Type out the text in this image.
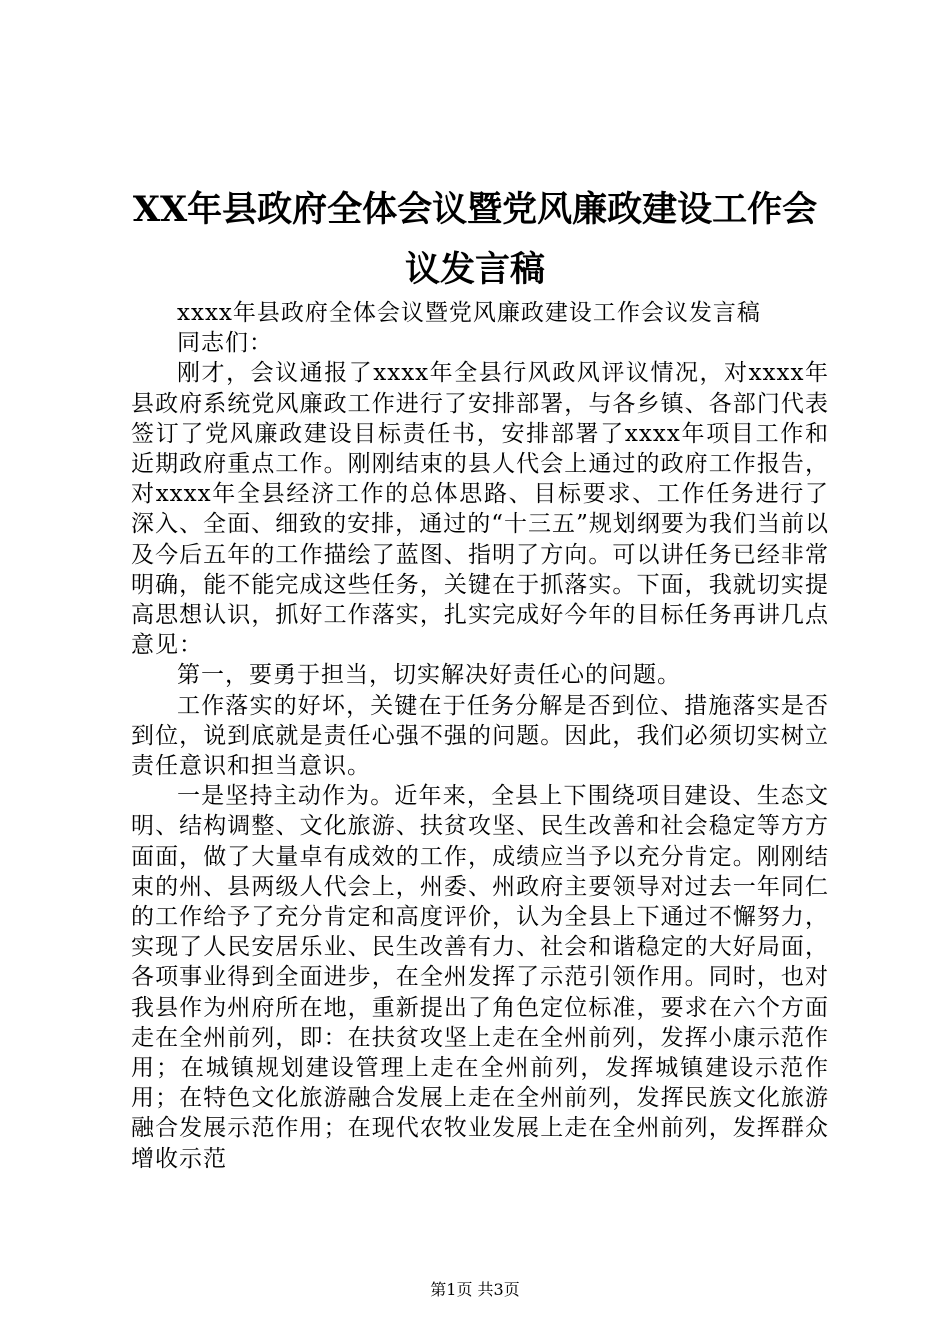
XX年县政府全体会议暨党风廉政建设工作会
议发言稿

xxxx年县政府全体会议暨党风廉政建设工作会议发言稿

同志们：

刚才，会议通报了xxxx年全县行风政风评议情况，对xxxx年县政府系统党风廉政工作进行了安排部署，与各乡镇、各部门代表签订了党风廉政建设目标责任书，安排部署了xxxx年项目工作和近期政府重点工作。刚刚结束的县人代会上通过的政府工作报告，对xxxx年全县经济工作的总体思路、目标要求、工作任务进行了深入、全面、细致的安排，通过的“十三五”规划纲要为我们当前以及今后五年的工作描绘了蓝图、指明了方向。可以讲任务已经非常明确，能不能完成这些任务，关键在于抓落实。下面，我就切实提高思想认识，抓好工作落实，扎实完成好今年的目标任务再讲几点意见：

第一，要勇于担当，切实解决好责任心的问题。

工作落实的好坏，关键在于任务分解是否到位、措施落实是否到位，说到底就是责任心强不强的问题。因此，我们必须切实树立责任意识和担当意识。

一是坚持主动作为。近年来，全县上下围绕项目建设、生态文明、结构调整、文化旅游、扶贫攻坚、民生改善和社会稳定等方方面面，做了大量卓有成效的工作，成绩应当予以充分肯定。刚刚结束的州、县两级人代会上，州委、州政府主要领导对过去一年同仁的工作给予了充分肯定和高度评价，认为全县上下通过不懈努力，实现了人民安居乐业、民生改善有力、社会和谐稳定的大好局面，各项事业得到全面进步，在全州发挥了示范引领作用。同时，也对我县作为州府所在地，重新提出了角色定位标准，要求在六个方面走在全州前列，即：在扶贫攻坚上走在全州前列，发挥小康示范作用；在城镇规划建设管理上走在全州前列，发挥城镇建设示范作用；在特色文化旅游融合发展上走在全州前列，发挥民族文化旅游融合发展示范作用；在现代农牧业发展上走在全州前列，发挥群众增收示范

第1页 共3页
